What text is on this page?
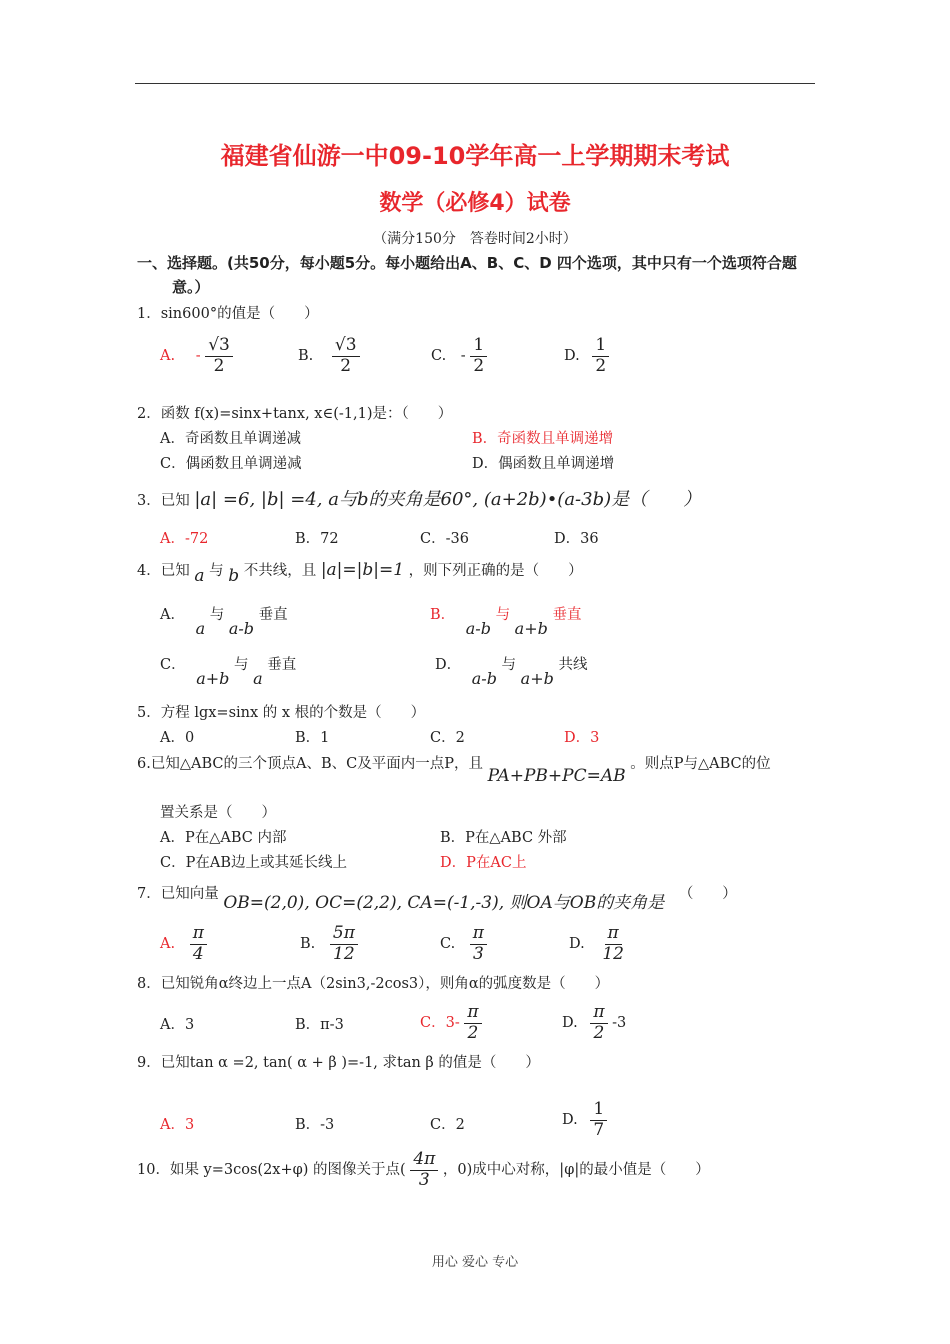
福建省仙游一中09-10学年高一上学期期末考试
数学（必修4）试卷
（满分150分　答卷时间2小时）
一、选择题。(共50分，每小题5分。每小题给出A、B、C、D 四个选项，其中只有一个选项符合题
意。）
1．sin600°的值是（　　）
A. - $\frac{√3}{2}$	B. $\frac{√3}{2}$	C. - $\frac{1}{2}$	D. $\frac{1}{2}$
2．函数 f(x)=sinx+tanx, x∈(-1,1)是：（　　）
A．奇函数且单调递减	B．奇函数且单调递增
C．偶函数且单调递减	D．偶函数且单调递增
3．已知 |a| =6, |b| =4, a与b的夹角是60°, (a+2b)•(a-3b)是（　　）
A．-72	B．72	C．-36	D．36
4．已知 a 与 b 不共线，且 |a|=|b|=1 ，则下列正确的是（　　）
A． a 与 a-b 垂直	B． a-b 与 a+b 垂直
C． a+b 与 a 垂直	D． a-b 与 a+b 共线
5．方程 lgx=sinx 的 x 根的个数是（　　）
A．0	B．1	C．2	D．3
6.已知△ABC的三个顶点A、B、C及平面内一点P，且 PA+PB+PC=AB 。则点P与△ABC的位
置关系是（　　）
A．P在△ABC 内部	B．P在△ABC 外部
C．P在AB边上或其延长线上	D．P在AC上
7．已知向量 OB=(2,0), OC=(2,2), CA=(-1,-3), 则OA与OB的夹角是 （　　）
A. $\frac{\pi}{4}$	B. $\frac{5\pi}{12}$	C. $\frac{\pi}{3}$	D. $\frac{\pi}{12}$
8．已知锐角α终边上一点A（2sin3,-2cos3），则角α的弧度数是（　　）
A．3	B．π-3	C．$3- \frac{\pi}{2}$	D. $\frac{\pi}{2} -3$
9．已知tan α =2, tan( α + β )=-1, 求tan β 的值是（　　）
A．3	B．-3	C．2	D. $\frac{1}{7}$
10．如果 y=3cos(2x+φ) 的图像关于点( $\frac{4\pi}{3}$ ，0)成中心对称，|φ|的最小值是（　　）
用心 爱心 专心
